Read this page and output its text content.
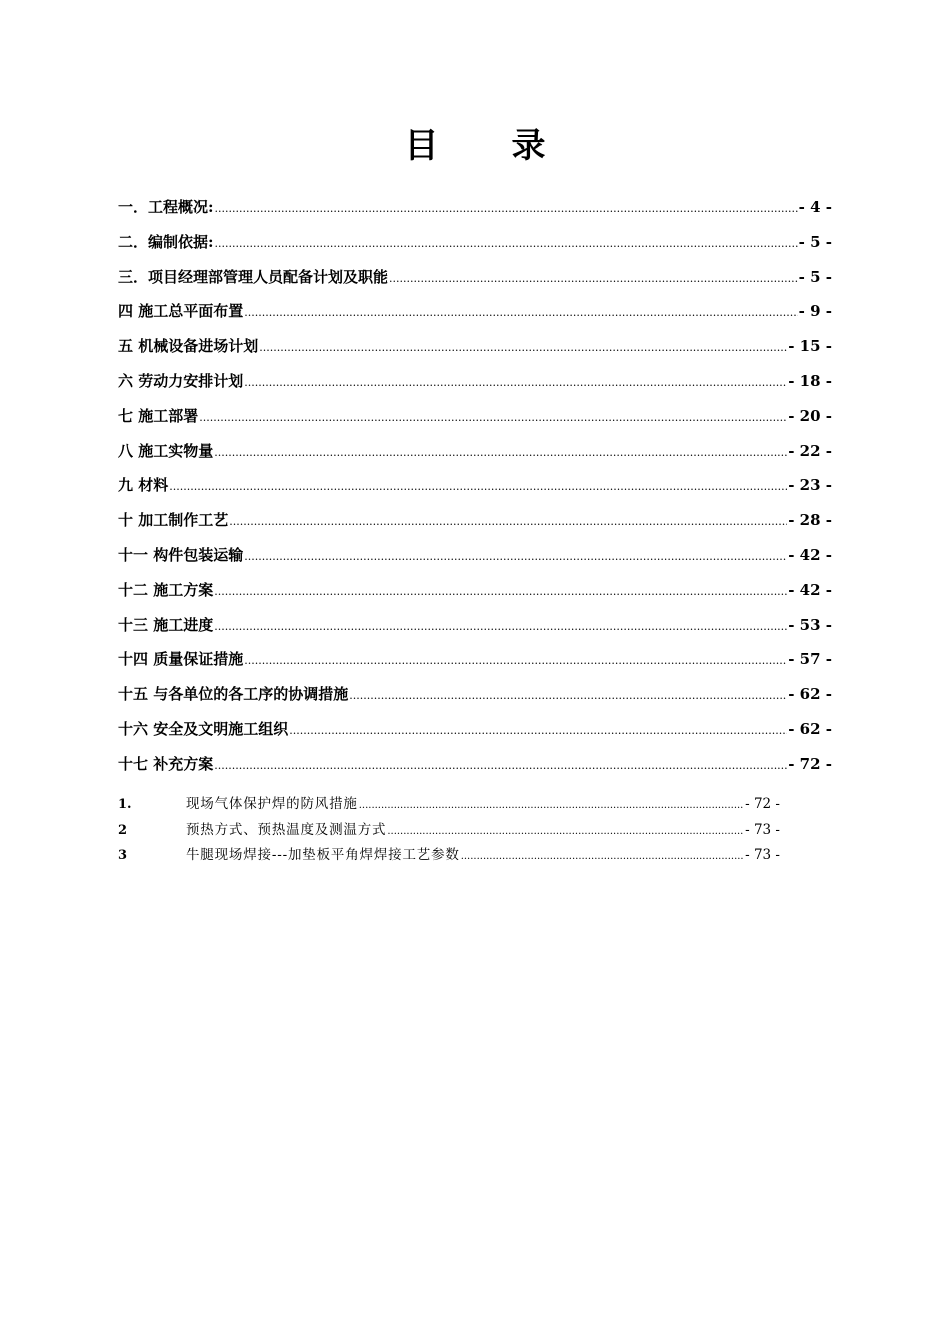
目 录
一．工程概况: .....	- 4 -
二．编制依据: .....	- 5 -
三．项目经理部管理人员配备计划及职能 .....	- 5 -
四 施工总平面布置 .....	- 9 -
五 机械设备进场计划 .....	- 15 -
六 劳动力安排计划 .....	- 18 -
七 施工部署 .....	- 20 -
八 施工实物量 .....	- 22 -
九 材料 .....	- 23 -
十 加工制作工艺 .....	- 28 -
十一 构件包装运输 .....	- 42 -
十二 施工方案 .....	- 42 -
十三 施工进度 .....	- 53 -
十四 质量保证措施 .....	- 57 -
十五 与各单位的各工序的协调措施 .....	- 62 -
十六 安全及文明施工组织 .....	- 62 -
十七 补充方案 .....	- 72 -
1.	现场气体保护焊的防风措施 .....	- 72 -
2	预热方式、预热温度及测温方式 .....	- 73 -
3	牛腿现场焊接---加垫板平角焊焊接工艺参数 .....	- 73 -
